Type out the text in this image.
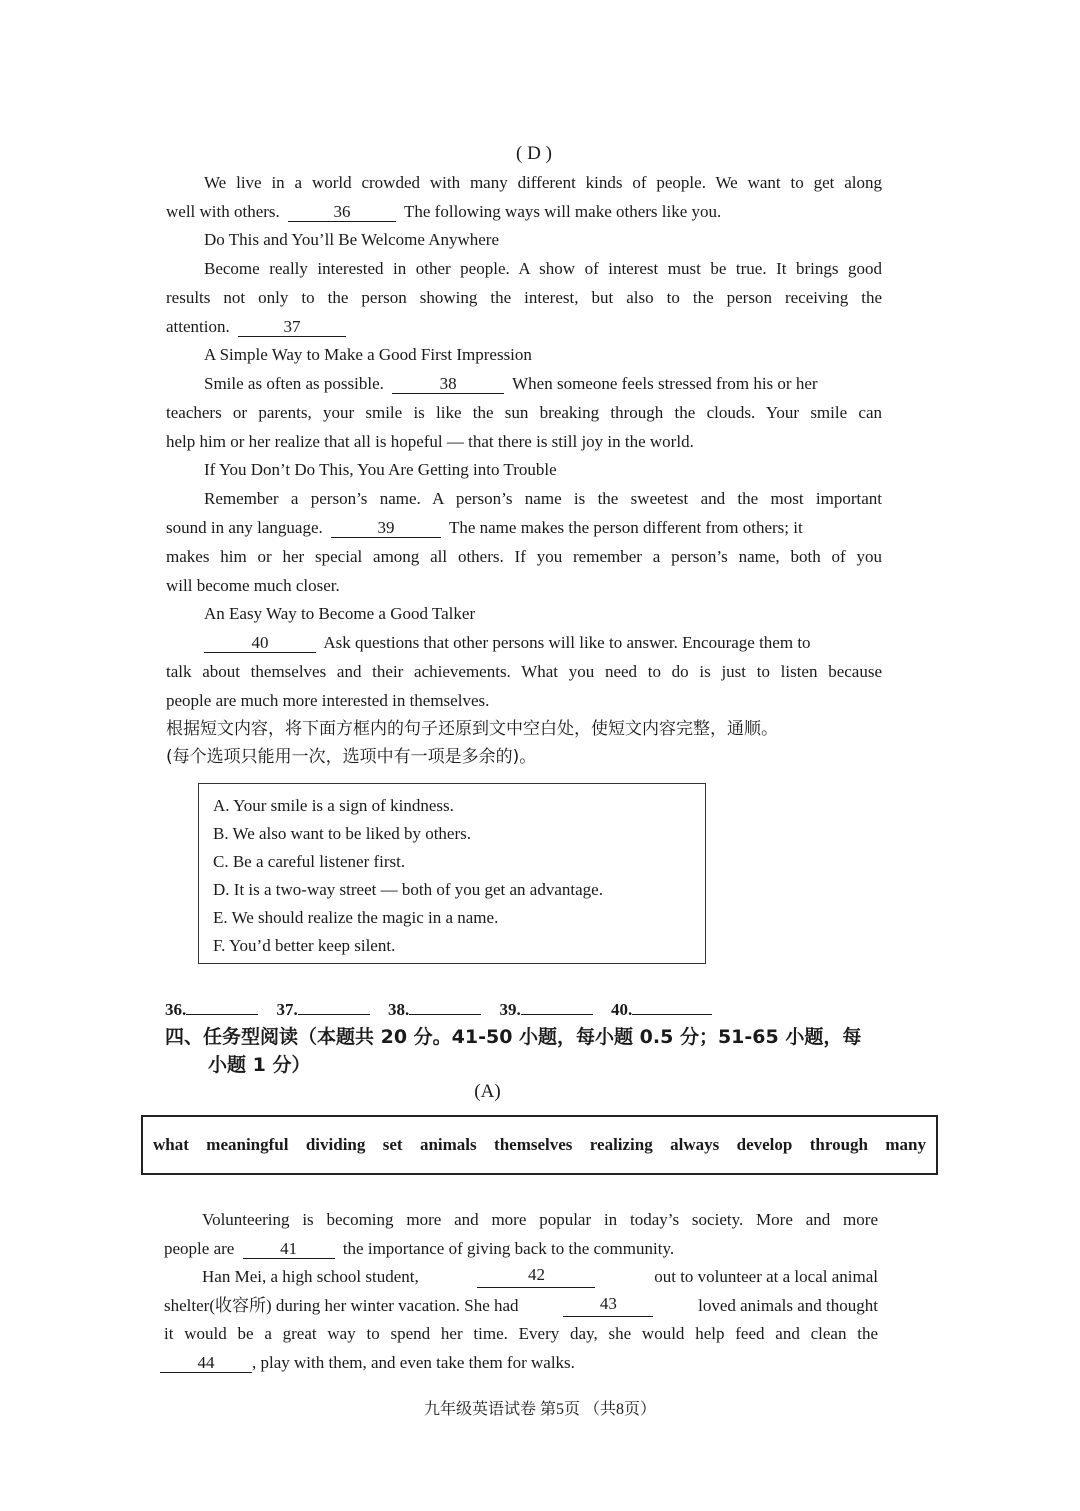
( D )
We live in a world crowded with many different kinds of people. We want to get along
well with others.	36	The following ways will make others like you.
Do This and You’ll Be Welcome Anywhere
Become really interested in other people. A show of interest must be true. It brings good
results not only to the person showing the interest, but also to the person receiving the
attention.	37
A Simple Way to Make a Good First Impression
Smile as often as possible.	38	When someone feels stressed from his or her
teachers or parents, your smile is like the sun breaking through the clouds. Your smile can
help him or her realize that all is hopeful — that there is still joy in the world.
If You Don’t Do This, You Are Getting into Trouble
Remember a person’s name. A person’s name is the sweetest and the most important
sound in any language.	39	The name makes the person different from others; it
makes him or her special among all others. If you remember a person’s name, both of you
will become much closer.
An Easy Way to Become a Good Talker
40	Ask questions that other persons will like to answer. Encourage them to
talk about themselves and their achievements. What you need to do is just to listen because
people are much more interested in themselves.
根据短文内容，将下面方框内的句子还原到文中空白处，使短文内容完整，通顺。
(每个选项只能用一次，选项中有一项是多余的)。
A. Your smile is a sign of kindness.
B. We also want to be liked by others.
C. Be a careful listener first.
D. It is a two-way street — both of you get an advantage.
E. We should realize the magic in a name.
F. You’d better keep silent.
36.	37.	38.	39.	40.
四、任务型阅读（本题共 20 分。41-50 小题，每小题 0.5 分；51-65 小题，每
小题 1 分）
(A)
what meaningful dividing set animals themselves realizing always develop through many
Volunteering is becoming more and more popular in today’s society. More and more
people are	41	the importance of giving back to the community.
Han Mei, a high school student,	42	out to volunteer at a local animal
shelter(收容所) during her winter vacation. She had	43	loved animals and thought
it would be a great way to spend her time. Every day, she would help feed and clean the
44 , play with them, and even take them for walks.
九年级英语试卷 第5页 （共8页）
